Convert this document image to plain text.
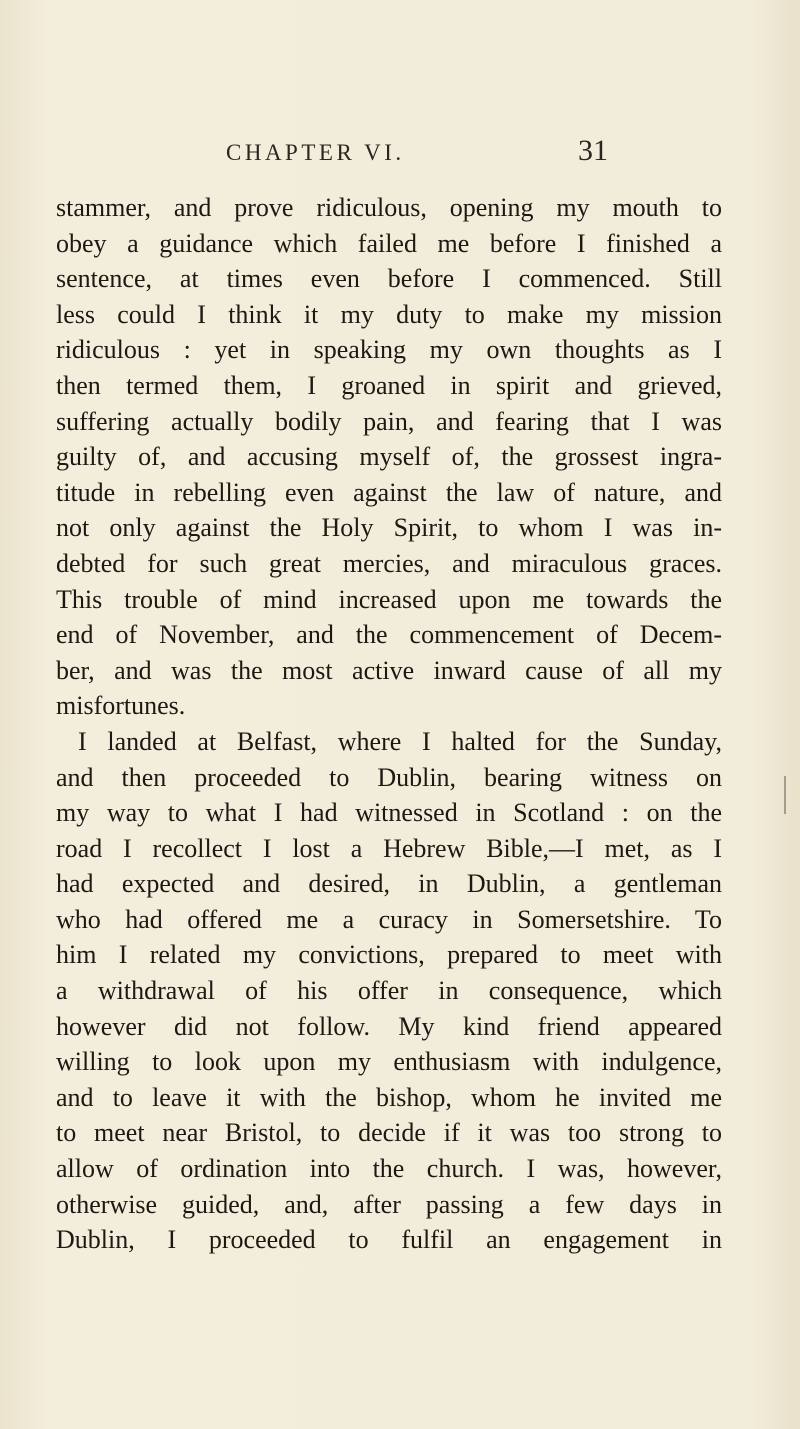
CHAPTER VI.	31
stammer, and prove ridiculous, opening my mouth to
obey a guidance which failed me before I finished a
sentence, at times even before I commenced. Still
less could I think it my duty to make my mission
ridiculous : yet in speaking my own thoughts as I
then termed them, I groaned in spirit and grieved,
suffering actually bodily pain, and fearing that I was
guilty of, and accusing myself of, the grossest ingra-
titude in rebelling even against the law of nature, and
not only against the Holy Spirit, to whom I was in-
debted for such great mercies, and miraculous graces.
This trouble of mind increased upon me towards the
end of November, and the commencement of Decem-
ber, and was the most active inward cause of all my
misfortunes.
I landed at Belfast, where I halted for the Sunday,
and then proceeded to Dublin, bearing witness on
my way to what I had witnessed in Scotland : on the
road I recollect I lost a Hebrew Bible,—I met, as I
had expected and desired, in Dublin, a gentleman
who had offered me a curacy in Somersetshire. To
him I related my convictions, prepared to meet with
a withdrawal of his offer in consequence, which
however did not follow. My kind friend appeared
willing to look upon my enthusiasm with indulgence,
and to leave it with the bishop, whom he invited me
to meet near Bristol, to decide if it was too strong to
allow of ordination into the church. I was, however,
otherwise guided, and, after passing a few days in
Dublin, I proceeded to fulfil an engagement in
